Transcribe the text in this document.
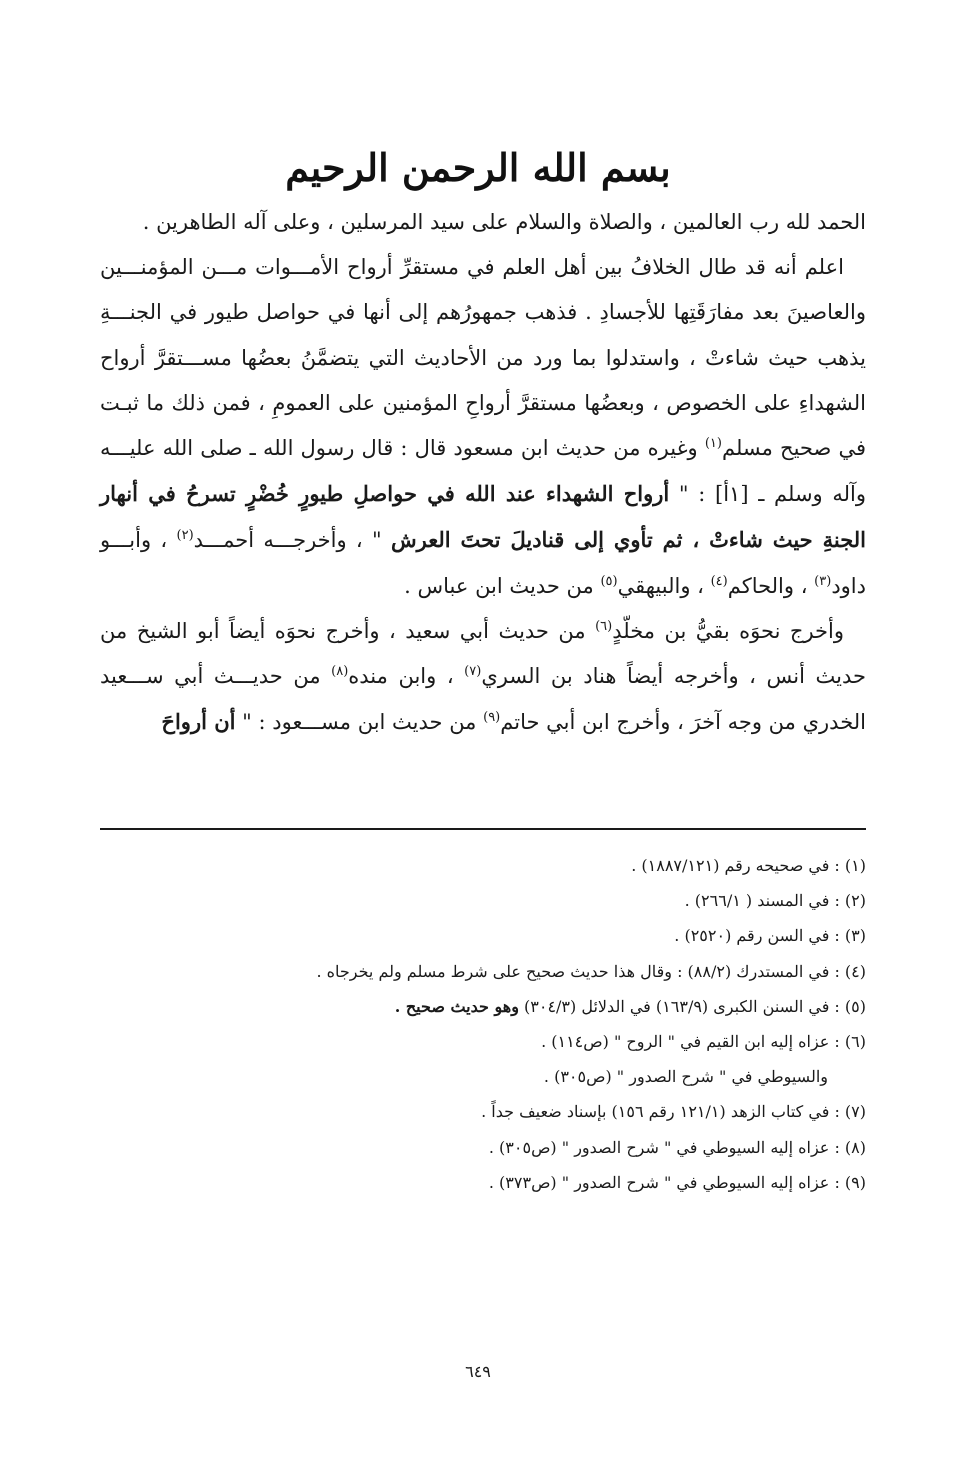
بسم الله الرحمن الرحيم

الحمد لله رب العالمين ، والصلاة والسلام على سيد المرسلين ، وعلى آله الطاهرين .

اعلم أنه قد طال الخلافُ بين أهل العلم في مستقرِّ أرواح الأمـــوات مـــن المؤمنـــين والعاصينَ بعد مفارَقَتِها للأجسادِ . فذهب جمهورُهم إلى أنها في حواصل طيور في الجنـــةِ يذهب حيث شاءتْ ، واستدلوا بما ورد من الأحاديث التي يتضمَّنُ بعضُها مســـتقرَّ أرواح الشهداءِ على الخصوص ، وبعضُها مستقرَّ أرواحِ المؤمنين على العمومِ ، فمن ذلك ما ثبـت في صحيح مسلم$^{(١)}$ وغيره من حديث ابن مسعود قال : قال رسول الله ـ صلى الله عليـــه وآله وسلم ـ [١أ] : " أرواح الشهداء عند الله في حواصلِ طيورٍ خُضْرٍ تسرحُ في أنهار الجنةِ حيث شاءتْ ، ثم تأوي إلى قناديلَ تحتَ العرش " ، وأخرجـــه أحمـــد$^{(٢)}$ ، وأبـــو داود$^{(٣)}$ ، والحاكم$^{(٤)}$ ، والبيهقي$^{(٥)}$ من حديث ابن عباس .

وأخرج نحوَه بقيُّ بن مخلّدٍ$^{(٦)}$ من حديث أبي سعيد ، وأخرج نحوَه أيضاً أبو الشيخ من حديث أنس ، وأخرجه أيضاً هناد بن السري$^{(٧)}$ ، وابن منده$^{(٨)}$ من حديـــث أبي ســـعيد الخدري من وجه آخرَ ، وأخرج ابن أبي حاتم$^{(٩)}$ من حديث ابن مســـعود : " أن أرواحَ

(١) : في صحيحه رقم (١٨٨٧/١٢١) .

(٢) : في المسند ( ٢٦٦/١) .

(٣) : في السن رقم (٢٥٢٠) .

(٤) : في المستدرك (٨٨/٢) : وقال هذا حديث صحيح على شرط مسلم ولم يخرجاه .

(٥) : في السنن الكبرى (١٦٣/٩) في الدلائل (٣٠٤/٣) وهو حديث صحيح .

(٦) : عزاه إليه ابن القيم في " الروح " (ص١١٤) .

والسيوطي في " شرح الصدور " (ص٣٠٥) .

(٧) : في كتاب الزهد (١٢١/١ رقم ١٥٦) بإسناد ضعيف جداً .

(٨) : عزاه إليه السيوطي في " شرح الصدور " (ص٣٠٥) .

(٩) : عزاه إليه السيوطي في " شرح الصدور " (ص٣٧٣) .

٦٤٩
